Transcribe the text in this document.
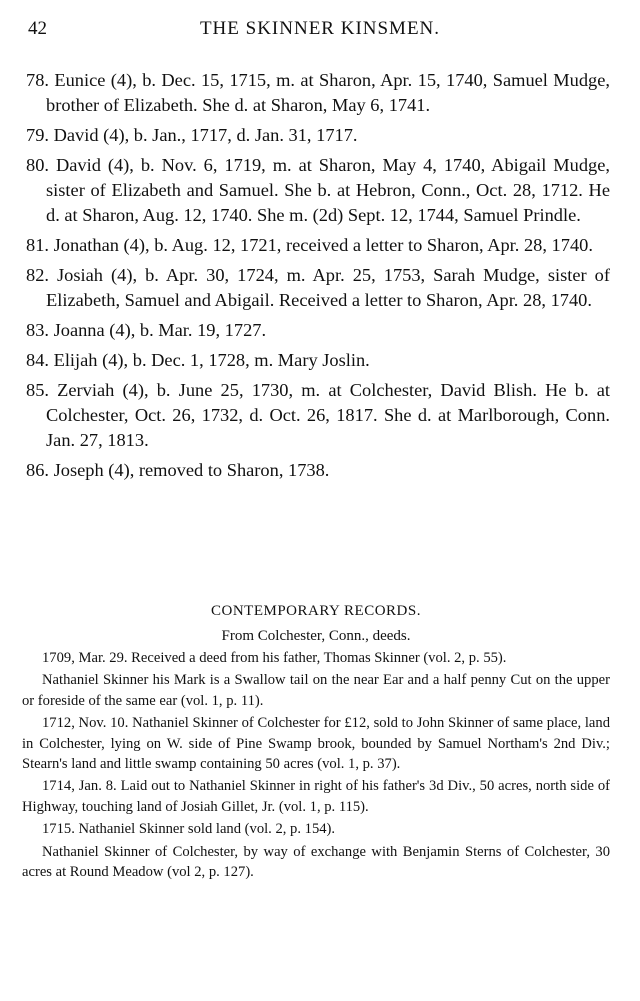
42	THE SKINNER KINSMEN.

78. Eunice (4), b. Dec. 15, 1715, m. at Sharon, Apr. 15, 1740, Samuel Mudge, brother of Elizabeth. She d. at Sharon, May 6, 1741.

79. David (4), b. Jan., 1717, d. Jan. 31, 1717.

80. David (4), b. Nov. 6, 1719, m. at Sharon, May 4, 1740, Abigail Mudge, sister of Elizabeth and Samuel. She b. at Hebron, Conn., Oct. 28, 1712. He d. at Sharon, Aug. 12, 1740. She m. (2d) Sept. 12, 1744, Samuel Prindle.

81. Jonathan (4), b. Aug. 12, 1721, received a letter to Sharon, Apr. 28, 1740.

82. Josiah (4), b. Apr. 30, 1724, m. Apr. 25, 1753, Sarah Mudge, sister of Elizabeth, Samuel and Abigail. Received a letter to Sharon, Apr. 28, 1740.

83. Joanna (4), b. Mar. 19, 1727.

84. Elijah (4), b. Dec. 1, 1728, m. Mary Joslin.

85. Zerviah (4), b. June 25, 1730, m. at Colchester, David Blish. He b. at Colchester, Oct. 26, 1732, d. Oct. 26, 1817. She d. at Marlborough, Conn. Jan. 27, 1813.

86. Joseph (4), removed to Sharon, 1738.

CONTEMPORARY RECORDS.
From Colchester, Conn., deeds.

1709, Mar. 29. Received a deed from his father, Thomas Skinner (vol. 2, p. 55).

Nathaniel Skinner his Mark is a Swallow tail on the near Ear and a half penny Cut on the upper or foreside of the same ear (vol. 1, p. 11).

1712, Nov. 10. Nathaniel Skinner of Colchester for £12, sold to John Skinner of same place, land in Colchester, lying on W. side of Pine Swamp brook, bounded by Samuel Northam's 2nd Div.; Stearn's land and little swamp containing 50 acres (vol. 1, p. 37).

1714, Jan. 8. Laid out to Nathaniel Skinner in right of his father's 3d Div., 50 acres, north side of Highway, touching land of Josiah Gillet, Jr. (vol. 1, p. 115).

1715. Nathaniel Skinner sold land (vol. 2, p. 154).

Nathaniel Skinner of Colchester, by way of exchange with Benjamin Sterns of Colchester, 30 acres at Round Meadow (vol 2, p. 127).
